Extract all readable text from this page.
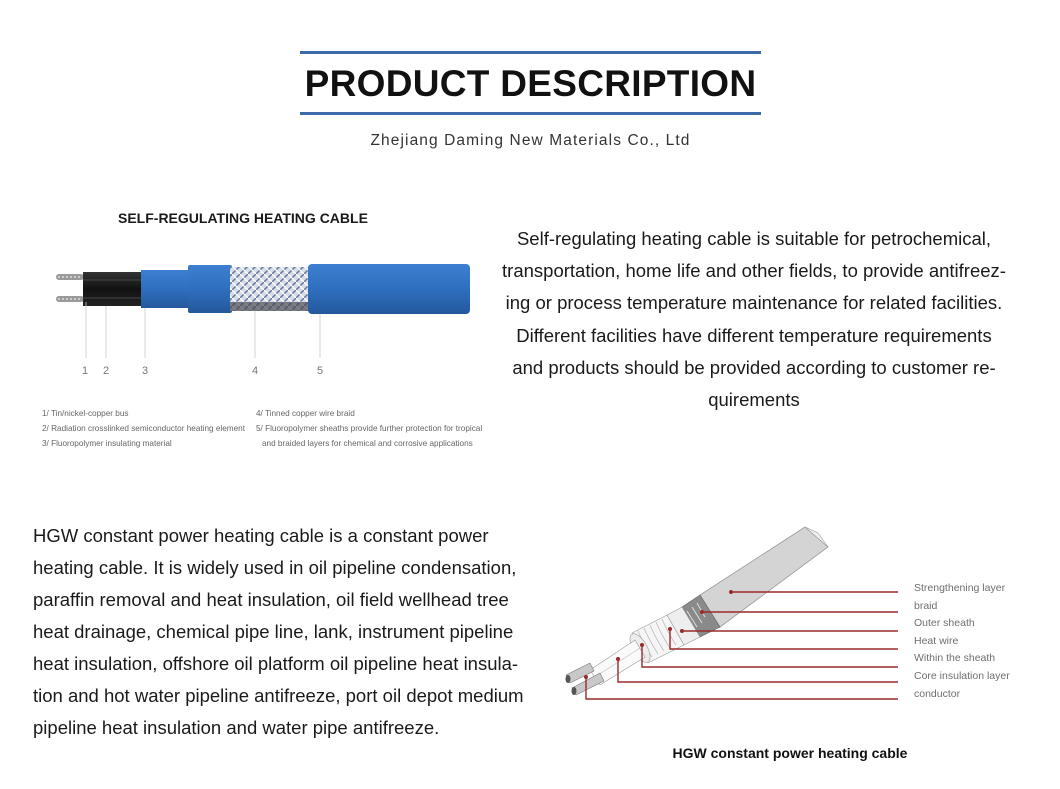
PRODUCT DESCRIPTION
Zhejiang Daming New Materials Co., Ltd
SELF-REGULATING HEATING CABLE
1 2	3	4	5
1/ Tin/nickel-copper bus
2/ Radiation crosslinked semiconductor heating element
3/ Fluoropolymer insulating material
4/ Tinned copper wire braid
5/ Fluoropolymer sheaths provide further protection for tropical
and braided layers for chemical and corrosive applications
Self-regulating heating cable is suitable for petrochemical,
transportation, home life and other fields, to provide antifreez-
ing or process temperature maintenance for related facilities.
Different facilities have different temperature requirements
and products should be provided according to customer re-
quirements
HGW constant power heating cable is a constant power
heating cable. It is widely used in oil pipeline condensation,
paraffin removal and heat insulation, oil field wellhead tree
heat drainage, chemical pipe line, lank, instrument pipeline
heat insulation, offshore oil platform oil pipeline heat insula-
tion and hot water pipeline antifreeze, port oil depot medium
pipeline heat insulation and water pipe antifreeze.
Strengthening layer
braid
Outer sheath
Heat wire
Within the sheath
Core insulation layer
conductor
HGW constant power heating cable
